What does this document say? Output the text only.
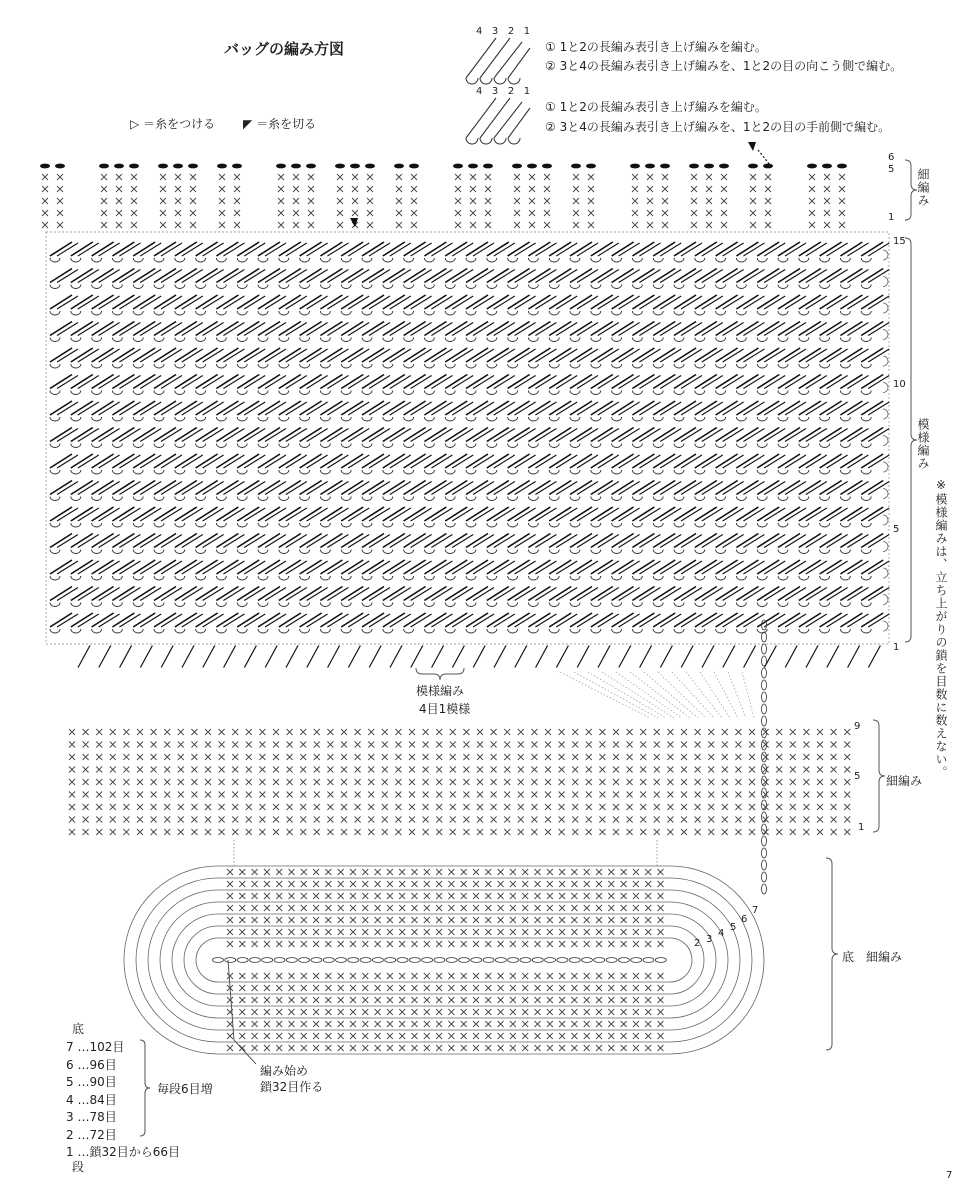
バッグの編み方図
▷ ＝糸をつける ◤ ＝糸を切る
4 3 2 1
4 3 2 1
① 1と2の長編み表引き上げ編みを編む。
② 3と4の長編み表引き上げ編みを、1と2の目の向こう側で編む。
① 1と2の長編み表引き上げ編みを編む。
② 3と4の長編み表引き上げ編みを、1と2の目の手前側で編む。
6
5
1
細編み
15
10
5
1
模様編み
※模様編みは、立ち上がりの鎖を目数に数えない。
模様編み
4目1模様
9
5
1
細編み
底　細編み
2 3
4
5
6
7
編み始め
鎖32目作る
底
7 …102目
6 …96目
5 …90目
4 …84目
3 …78目
2 …72目
1 …鎖32目から66目
毎段6目増
段
7
